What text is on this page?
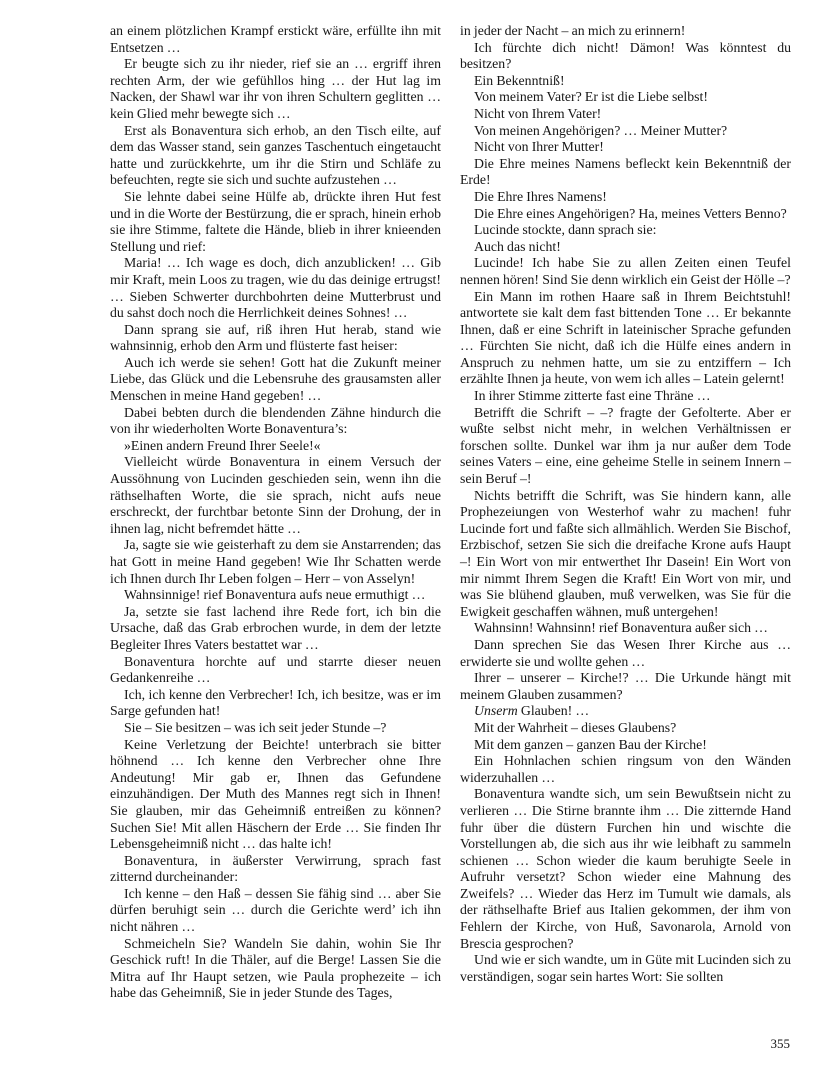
an einem plötzlichen Krampf erstickt wäre, erfüllte ihn mit Entsetzen …

Er beugte sich zu ihr nieder, rief sie an … ergriff ihren rechten Arm, der wie gefühllos hing … der Hut lag im Nacken, der Shawl war ihr von ihren Schultern geglitten … kein Glied mehr bewegte sich …

Erst als Bonaventura sich erhob, an den Tisch eilte, auf dem das Wasser stand, sein ganzes Taschentuch eingetaucht hatte und zurückkehrte, um ihr die Stirn und Schläfe zu befeuchten, regte sie sich und suchte aufzustehen …

Sie lehnte dabei seine Hülfe ab, drückte ihren Hut fest und in die Worte der Bestürzung, die er sprach, hinein erhob sie ihre Stimme, faltete die Hände, blieb in ihrer knieenden Stellung und rief:

Maria! … Ich wage es doch, dich anzublicken! … Gib mir Kraft, mein Loos zu tragen, wie du das deinige ertrugst! … Sieben Schwerter durchbohrten deine Mutterbrust und du sahst doch noch die Herrlichkeit deines Sohnes! …

Dann sprang sie auf, riß ihren Hut herab, stand wie wahnsinnig, erhob den Arm und flüsterte fast heiser:

Auch ich werde sie sehen! Gott hat die Zukunft meiner Liebe, das Glück und die Lebensruhe des grausamsten aller Menschen in meine Hand gegeben! …

Dabei bebten durch die blendenden Zähne hindurch die von ihr wiederholten Worte Bonaventura’s:

»Einen andern Freund Ihrer Seele!«

Vielleicht würde Bonaventura in einem Versuch der Aussöhnung von Lucinden geschieden sein, wenn ihn die räthselhaften Worte, die sie sprach, nicht aufs neue erschreckt, der furchtbar betonte Sinn der Drohung, der in ihnen lag, nicht befremdet hätte …

Ja, sagte sie wie geisterhaft zu dem sie Anstarrenden; das hat Gott in meine Hand gegeben! Wie Ihr Schatten werde ich Ihnen durch Ihr Leben folgen – Herr – von Asselyn!

Wahnsinnige! rief Bonaventura aufs neue ermuthigt …

Ja, setzte sie fast lachend ihre Rede fort, ich bin die Ursache, daß das Grab erbrochen wurde, in dem der letzte Begleiter Ihres Vaters bestattet war …

Bonaventura horchte auf und starrte dieser neuen Gedankenreihe …

Ich, ich kenne den Verbrecher! Ich, ich besitze, was er im Sarge gefunden hat!

Sie – Sie besitzen – was ich seit jeder Stunde –?

Keine Verletzung der Beichte! unterbrach sie bitter höhnend … Ich kenne den Verbrecher ohne Ihre Andeutung! Mir gab er, Ihnen das Gefundene einzuhändigen. Der Muth des Mannes regt sich in Ihnen! Sie glauben, mir das Geheimniß entreißen zu können? Suchen Sie! Mit allen Häschern der Erde … Sie finden Ihr Lebensgeheimniß nicht … das halte ich!

Bonaventura, in äußerster Verwirrung, sprach fast zitternd durcheinander:

Ich kenne – den Haß – dessen Sie fähig sind … aber Sie dürfen beruhigt sein … durch die Gerichte werd’ ich ihn nicht nähren …

Schmeicheln Sie? Wandeln Sie dahin, wohin Sie Ihr Geschick ruft! In die Thäler, auf die Berge! Lassen Sie die Mitra auf Ihr Haupt setzen, wie Paula prophezeite – ich habe das Geheimniß, Sie in jeder Stunde des Tages,

in jeder der Nacht – an mich zu erinnern!

Ich fürchte dich nicht! Dämon! Was könntest du besitzen?

Ein Bekenntniß!

Von meinem Vater? Er ist die Liebe selbst!

Nicht von Ihrem Vater!

Von meinen Angehörigen? … Meiner Mutter?

Nicht von Ihrer Mutter!

Die Ehre meines Namens befleckt kein Bekenntniß der Erde!

Die Ehre Ihres Namens!

Die Ehre eines Angehörigen? Ha, meines Vetters Benno?

Lucinde stockte, dann sprach sie:

Auch das nicht!

Lucinde! Ich habe Sie zu allen Zeiten einen Teufel nennen hören! Sind Sie denn wirklich ein Geist der Hölle –?

Ein Mann im rothen Haare saß in Ihrem Beichtstuhl! antwortete sie kalt dem fast bittenden Tone … Er bekannte Ihnen, daß er eine Schrift in lateinischer Sprache gefunden … Fürchten Sie nicht, daß ich die Hülfe eines andern in Anspruch zu nehmen hatte, um sie zu entziffern – Ich erzählte Ihnen ja heute, von wem ich alles – Latein gelernt!

In ihrer Stimme zitterte fast eine Thräne …

Betrifft die Schrift – –? fragte der Gefolterte. Aber er wußte selbst nicht mehr, in welchen Verhältnissen er forschen sollte. Dunkel war ihm ja nur außer dem Tode seines Vaters – eine, eine geheime Stelle in seinem Innern – sein Beruf –!

Nichts betrifft die Schrift, was Sie hindern kann, alle Prophezeiungen von Westerhof wahr zu machen! fuhr Lucinde fort und faßte sich allmählich. Werden Sie Bischof, Erzbischof, setzen Sie sich die dreifache Krone aufs Haupt –! Ein Wort von mir entwerthet Ihr Dasein! Ein Wort von mir nimmt Ihrem Segen die Kraft! Ein Wort von mir, und was Sie blühend glauben, muß verwelken, was Sie für die Ewigkeit geschaffen wähnen, muß untergehen!

Wahnsinn! Wahnsinn! rief Bonaventura außer sich …

Dann sprechen Sie das Wesen Ihrer Kirche aus … erwiderte sie und wollte gehen …

Ihrer – unserer – Kirche!? … Die Urkunde hängt mit meinem Glauben zusammen?

Unserm Glauben! …

Mit der Wahrheit – dieses Glaubens?

Mit dem ganzen – ganzen Bau der Kirche!

Ein Hohnlachen schien ringsum von den Wänden widerzuhallen …

Bonaventura wandte sich, um sein Bewußtsein nicht zu verlieren … Die Stirne brannte ihm … Die zitternde Hand fuhr über die düstern Furchen hin und wischte die Vorstellungen ab, die sich aus ihr wie leibhaft zu sammeln schienen … Schon wieder die kaum beruhigte Seele in Aufruhr versetzt? Schon wieder eine Mahnung des Zweifels? … Wieder das Herz im Tumult wie damals, als der räthselhafte Brief aus Italien gekommen, der ihm von Fehlern der Kirche, von Huß, Savonarola, Arnold von Brescia gesprochen?

Und wie er sich wandte, um in Güte mit Lucinden sich zu verständigen, sogar sein hartes Wort: Sie sollten

355
